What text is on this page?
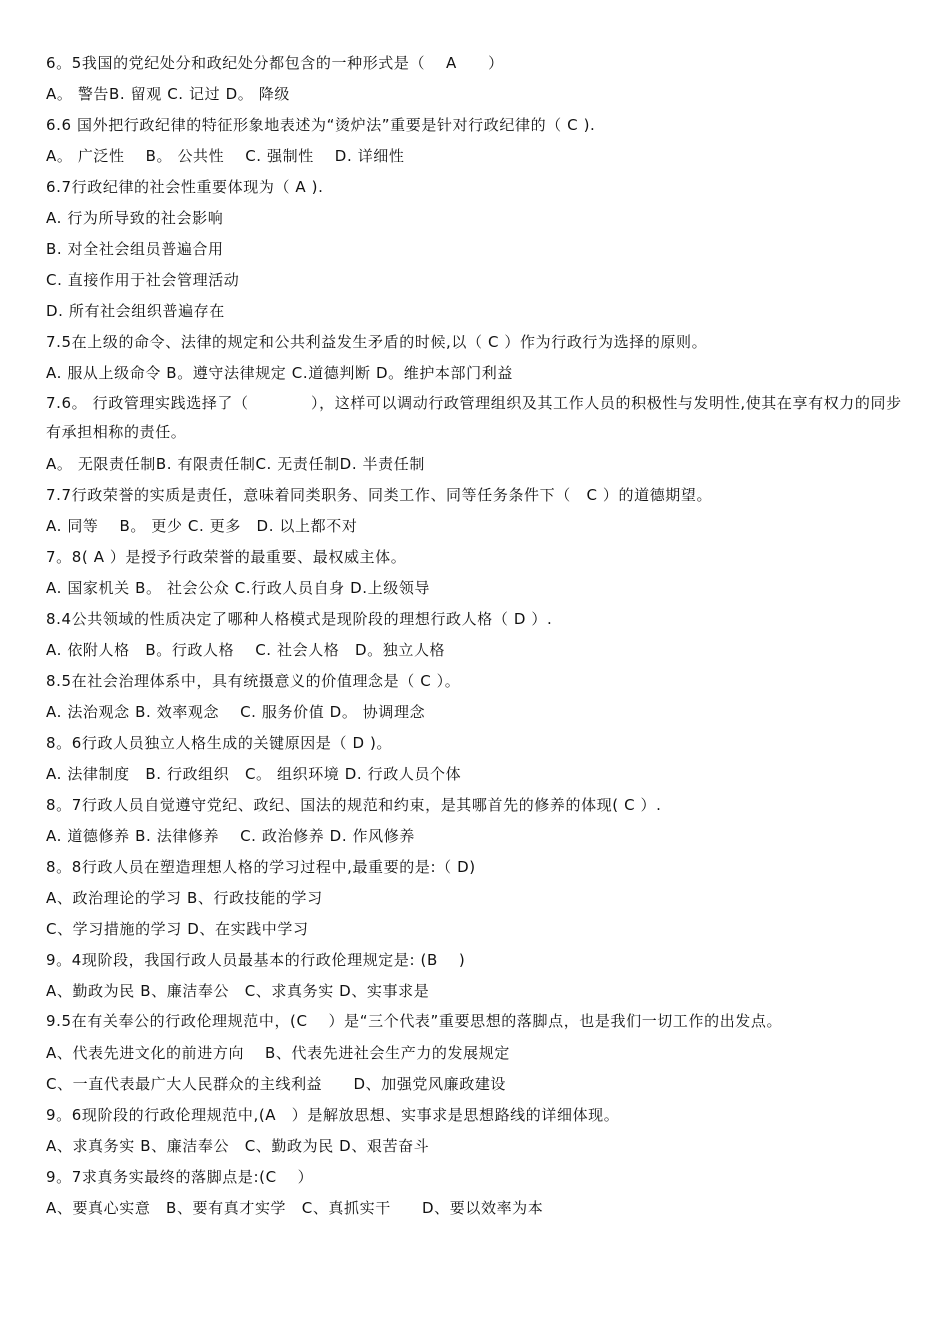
6。5我国的党纪处分和政纪处分都包含的一种形式是（　 A　　）
A。 警告B. 留观 C. 记过 D。 降级
6.6 国外把行政纪律的特征形象地表述为“烫炉法”重要是针对行政纪律的（ C ).
A。 广泛性　 B。 公共性　 C. 强制性　 D. 详细性
6.7行政纪律的社会性重要体现为（ A ).
A. 行为所导致的社会影响
B. 对全社会组员普遍合用
C. 直接作用于社会管理活动
D. 所有社会组织普遍存在
7.5在上级的命令、法律的规定和公共利益发生矛盾的时候,以（ C ）作为行政行为选择的原则。
A. 服从上级命令 B。遵守法律规定 C.道德判断 D。维护本部门利益
7.6。 行政管理实践选择了（　　　　），这样可以调动行政管理组织及其工作人员的积极性与发明性,使其在享有权力的同步有承担相称的责任。
A。 无限责任制B. 有限责任制C. 无责任制D. 半责任制
7.7行政荣誉的实质是责任，意味着同类职务、同类工作、同等任务条件下（　C ）的道德期望。
A. 同等　 B。 更少 C. 更多　D. 以上都不对
7。8( A ）是授予行政荣誉的最重要、最权威主体。
A. 国家机关 B。 社会公众 C.行政人员自身 D.上级领导
8.4公共领域的性质决定了哪种人格模式是现阶段的理想行政人格（ D ）.
A. 依附人格　B。行政人格　 C. 社会人格　D。独立人格
8.5在社会治理体系中，具有统摄意义的价值理念是（ C ）。
A. 法治观念 B. 效率观念　 C. 服务价值 D。 协调理念
8。6行政人员独立人格生成的关键原因是（ D )。
A. 法律制度　B. 行政组织　C。 组织环境 D. 行政人员个体
8。7行政人员自觉遵守党纪、政纪、国法的规范和约束，是其哪首先的修养的体现( C ）.
A. 道德修养 B. 法律修养　 C. 政治修养 D. 作风修养
8。8行政人员在塑造理想人格的学习过程中,最重要的是:（ D)
A、政治理论的学习 B、行政技能的学习
C、学习措施的学习 D、在实践中学习
9。4现阶段，我国行政人员最基本的行政伦理规定是: (B　 )
A、勤政为民 B、廉洁奉公　C、求真务实 D、实事求是
9.5在有关奉公的行政伦理规范中，(C　 ）是“三个代表”重要思想的落脚点，也是我们一切工作的出发点。
A、代表先进文化的前进方向　 B、代表先进社会生产力的发展规定
C、一直代表最广大人民群众的主线利益　　D、加强党风廉政建设
9。6现阶段的行政伦理规范中,(A　）是解放思想、实事求是思想路线的详细体现。
A、求真务实 B、廉洁奉公　C、勤政为民 D、艰苦奋斗
9。7求真务实最终的落脚点是:(C　 ）
A、要真心实意　B、要有真才实学　C、真抓实干　　D、要以效率为本
